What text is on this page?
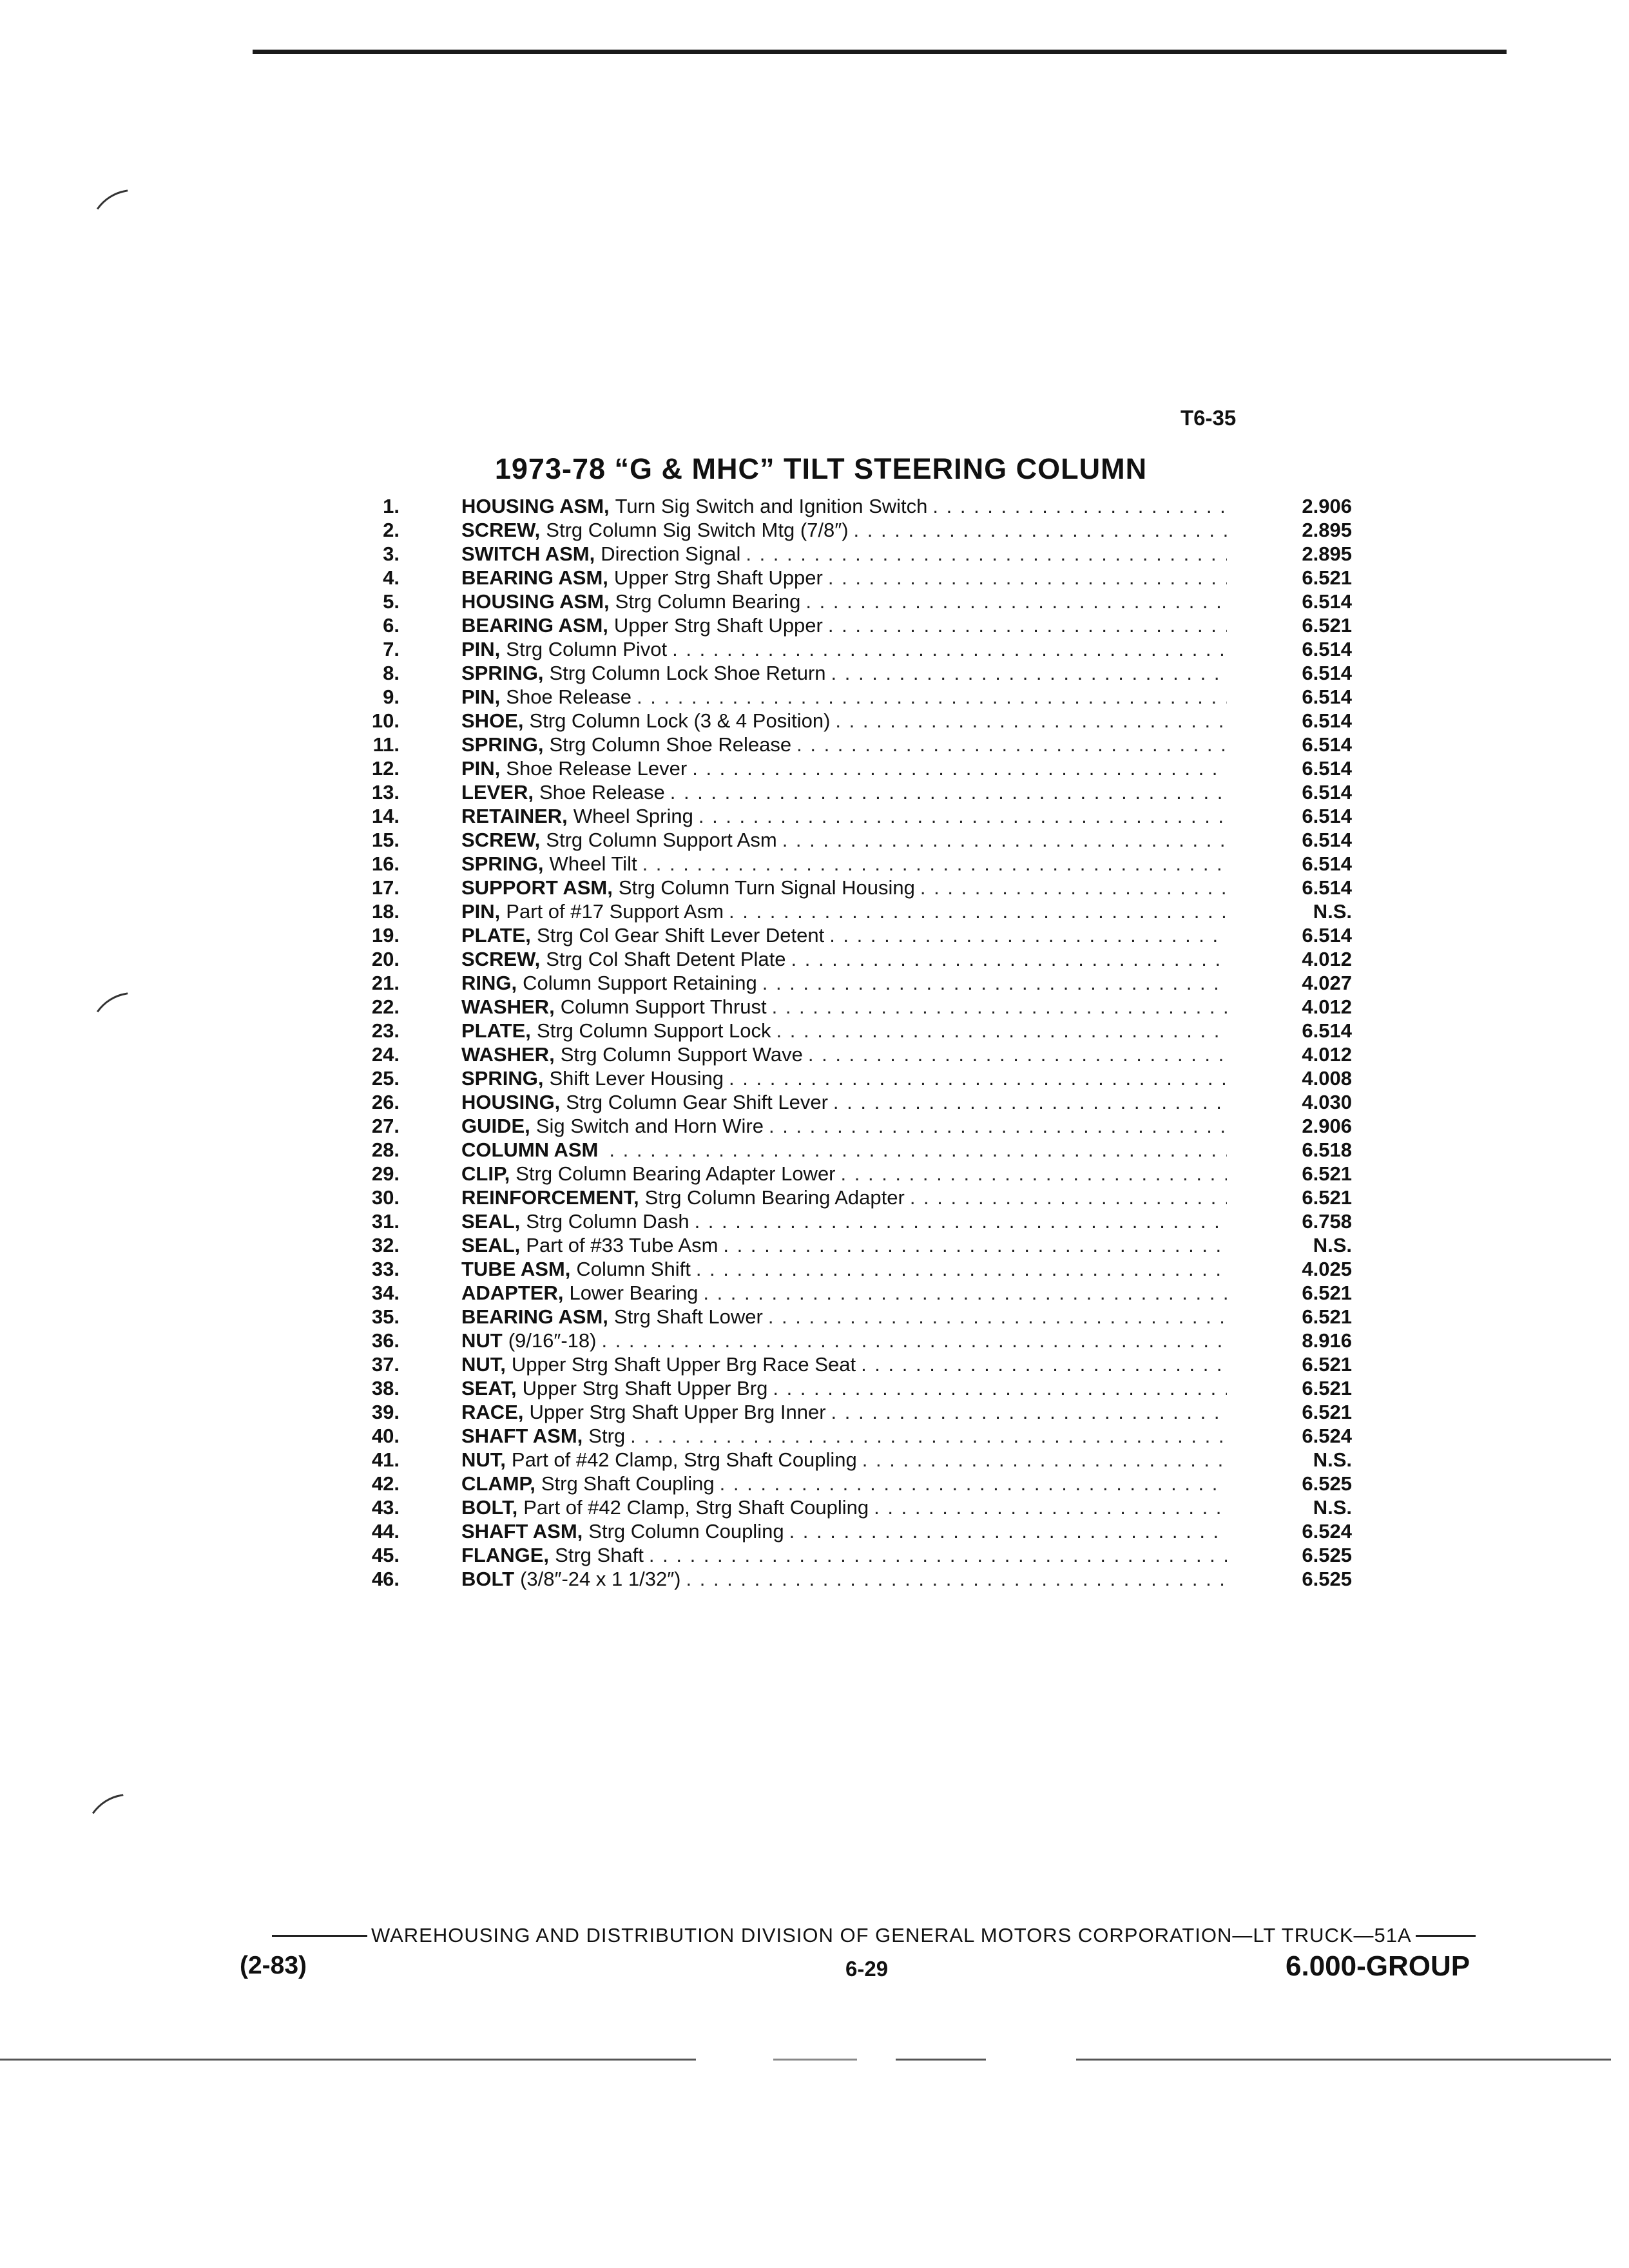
T6-35
1973-78 “G & MHC” TILT STEERING COLUMN
1.	HOUSING ASM, Turn Sig Switch and Ignition Switch . . .	2.906
2.	SCREW, Strg Column Sig Switch Mtg (7/8″) . . .	2.895
3.	SWITCH ASM, Direction Signal . . .	2.895
4.	BEARING ASM, Upper Strg Shaft Upper . . .	6.521
5.	HOUSING ASM, Strg Column Bearing . . .	6.514
6.	BEARING ASM, Upper Strg Shaft Upper . . .	6.521
7.	PIN, Strg Column Pivot . . .	6.514
8.	SPRING, Strg Column Lock Shoe Return . . .	6.514
9.	PIN, Shoe Release . . .	6.514
10.	SHOE, Strg Column Lock (3 & 4 Position) . . .	6.514
11.	SPRING, Strg Column Shoe Release . . .	6.514
12.	PIN, Shoe Release Lever . . .	6.514
13.	LEVER, Shoe Release . . .	6.514
14.	RETAINER, Wheel Spring . . .	6.514
15.	SCREW, Strg Column Support Asm . . .	6.514
16.	SPRING, Wheel Tilt . . .	6.514
17.	SUPPORT ASM, Strg Column Turn Signal Housing . . .	6.514
18.	PIN, Part of #17 Support Asm . . .	N.S.
19.	PLATE, Strg Col Gear Shift Lever Detent . . .	6.514
20.	SCREW, Strg Col Shaft Detent Plate . . .	4.012
21.	RING, Column Support Retaining . . .	4.027
22.	WASHER, Column Support Thrust . . .	4.012
23.	PLATE, Strg Column Support Lock . . .	6.514
24.	WASHER, Strg Column Support Wave . . .	4.012
25.	SPRING, Shift Lever Housing . . .	4.008
26.	HOUSING, Strg Column Gear Shift Lever . . .	4.030
27.	GUIDE, Sig Switch and Horn Wire . . .	2.906
28.	COLUMN ASM . . .	6.518
29.	CLIP, Strg Column Bearing Adapter Lower . . .	6.521
30.	REINFORCEMENT, Strg Column Bearing Adapter . . .	6.521
31.	SEAL, Strg Column Dash . . .	6.758
32.	SEAL, Part of #33 Tube Asm . . .	N.S.
33.	TUBE ASM, Column Shift . . .	4.025
34.	ADAPTER, Lower Bearing . . .	6.521
35.	BEARING ASM, Strg Shaft Lower . . .	6.521
36.	NUT (9/16″-18) . . .	8.916
37.	NUT, Upper Strg Shaft Upper Brg Race Seat . . .	6.521
38.	SEAT, Upper Strg Shaft Upper Brg . . .	6.521
39.	RACE, Upper Strg Shaft Upper Brg Inner . . .	6.521
40.	SHAFT ASM, Strg . . .	6.524
41.	NUT, Part of #42 Clamp, Strg Shaft Coupling . . .	N.S.
42.	CLAMP, Strg Shaft Coupling . . .	6.525
43.	BOLT, Part of #42 Clamp, Strg Shaft Coupling . . .	N.S.
44.	SHAFT ASM, Strg Column Coupling . . .	6.524
45.	FLANGE, Strg Shaft . . .	6.525
46.	BOLT (3/8″-24 x 1 1/32″) . . .	6.525
WAREHOUSING AND DISTRIBUTION DIVISION OF GENERAL MOTORS CORPORATION—LT TRUCK—51A
(2-83)	6-29	6.000-GROUP
